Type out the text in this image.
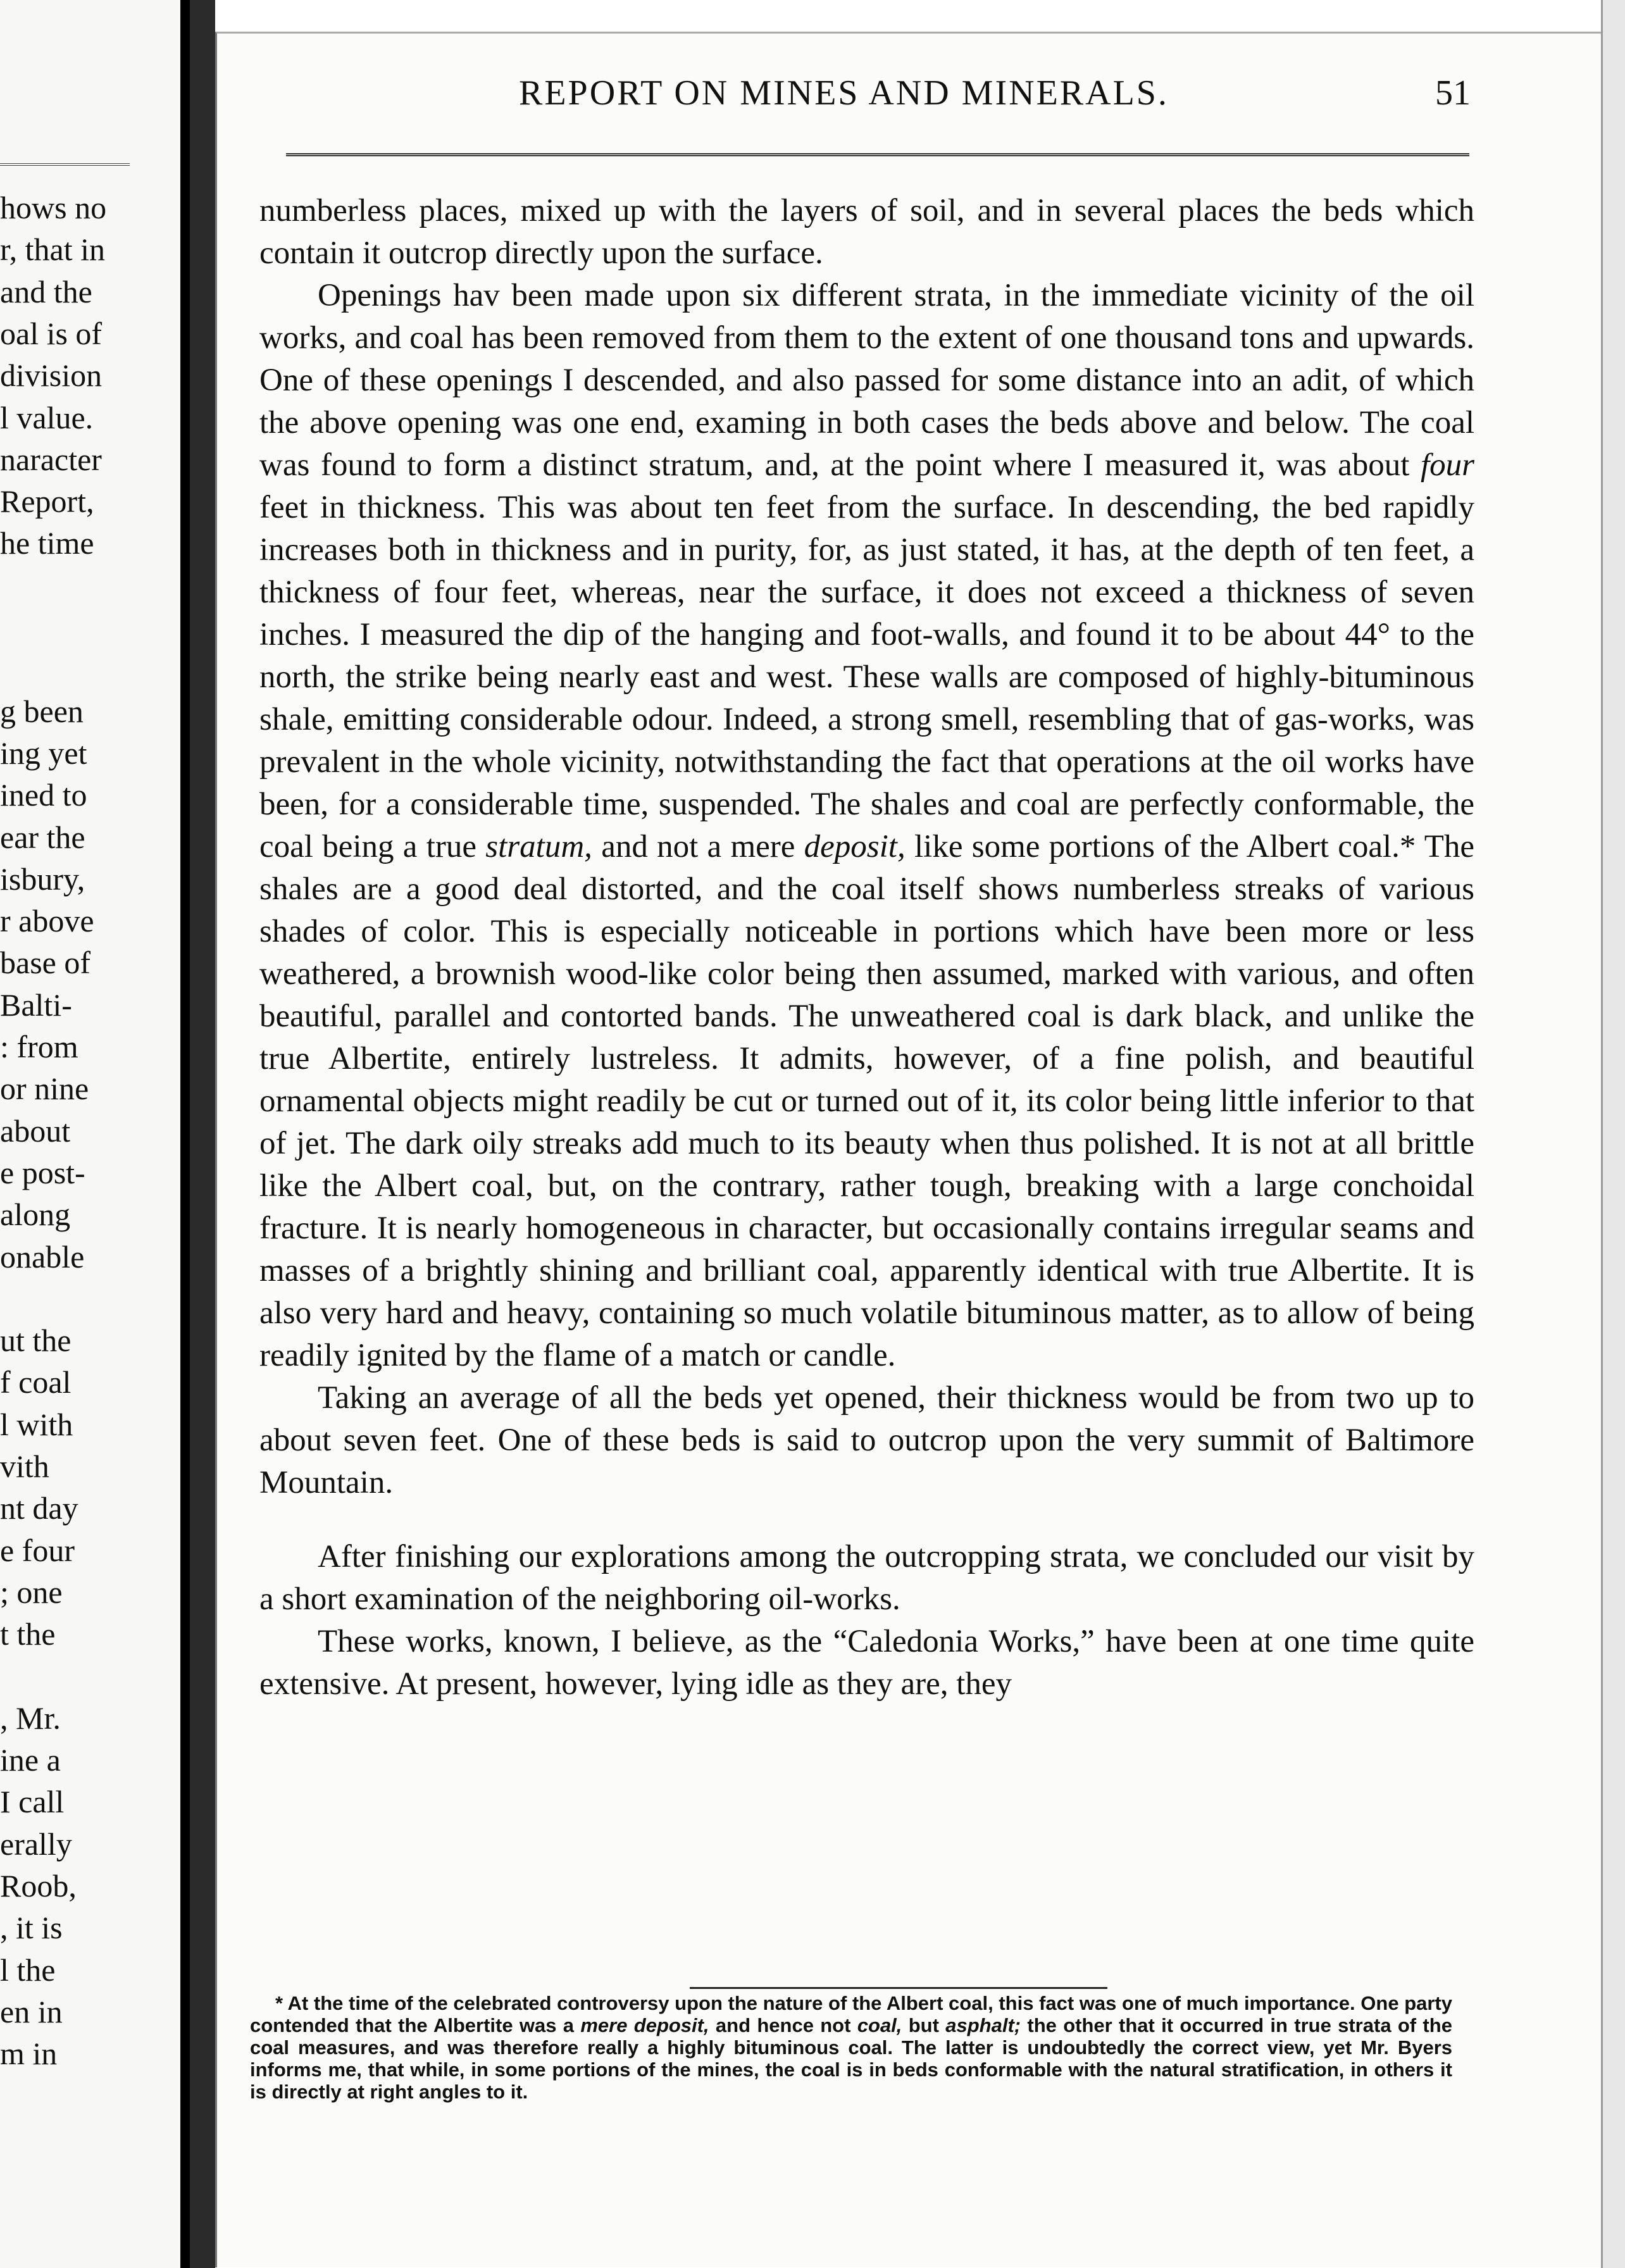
hows no
r, that in
and the
oal is of
division
l value.
naracter
Report,
he time
g been
ing yet
ined to
ear the
isbury,
r above
base of
Balti-
: from
or nine
about
e post-
along
onable
ut the
f coal
l with
vith
nt day
e four
; one
t the
, Mr.
ine a
I call
erally
Roob,
, it is
l the
en in
m in
REPORT ON MINES AND MINERALS.	51

numberless places, mixed up with the layers of soil, and in several places the beds which contain it outcrop directly upon the surface.

Openings hav been made upon six different strata, in the immediate vicinity of the oil works, and coal has been removed from them to the extent of one thousand tons and upwards. One of these openings I descended, and also passed for some distance into an adit, of which the above opening was one end, examing in both cases the beds above and below. The coal was found to form a distinct stratum, and, at the point where I measured it, was about four feet in thickness. This was about ten feet from the surface. In descending, the bed rapidly increases both in thickness and in purity, for, as just stated, it has, at the depth of ten feet, a thickness of four feet, whereas, near the surface, it does not exceed a thickness of seven inches. I measured the dip of the hanging and foot-walls, and found it to be about 44° to the north, the strike being nearly east and west. These walls are composed of highly-bituminous shale, emitting considerable odour. Indeed, a strong smell, resembling that of gas-works, was prevalent in the whole vicinity, notwithstanding the fact that operations at the oil works have been, for a considerable time, suspended. The shales and coal are perfectly conformable, the coal being a true stratum, and not a mere deposit, like some portions of the Albert coal.* The shales are a good deal distorted, and the coal itself shows numberless streaks of various shades of color. This is especially noticeable in portions which have been more or less weathered, a brownish wood-like color being then assumed, marked with various, and often beautiful, parallel and contorted bands. The unweathered coal is dark black, and unlike the true Albertite, entirely lustreless. It admits, however, of a fine polish, and beautiful ornamental objects might readily be cut or turned out of it, its color being little inferior to that of jet. The dark oily streaks add much to its beauty when thus polished. It is not at all brittle like the Albert coal, but, on the contrary, rather tough, breaking with a large conchoidal fracture. It is nearly homogeneous in character, but occasionally contains irregular seams and masses of a brightly shining and brilliant coal, apparently identical with true Albertite. It is also very hard and heavy, containing so much volatile bituminous matter, as to allow of being readily ignited by the flame of a match or candle.

Taking an average of all the beds yet opened, their thickness would be from two up to about seven feet. One of these beds is said to outcrop upon the very summit of Baltimore Mountain.

After finishing our explorations among the outcropping strata, we concluded our visit by a short examination of the neighboring oil-works.

These works, known, I believe, as the “Caledonia Works,” have been at one time quite extensive. At present, however, lying idle as they are, they

* At the time of the celebrated controversy upon the nature of the Albert coal, this fact was one of much importance. One party contended that the Albertite was a mere deposit, and hence not coal, but asphalt; the other that it occurred in true strata of the coal measures, and was therefore really a highly bituminous coal. The latter is undoubtedly the correct view, yet Mr. Byers informs me, that while, in some portions of the mines, the coal is in beds conformable with the natural stratification, in others it is directly at right angles to it.
